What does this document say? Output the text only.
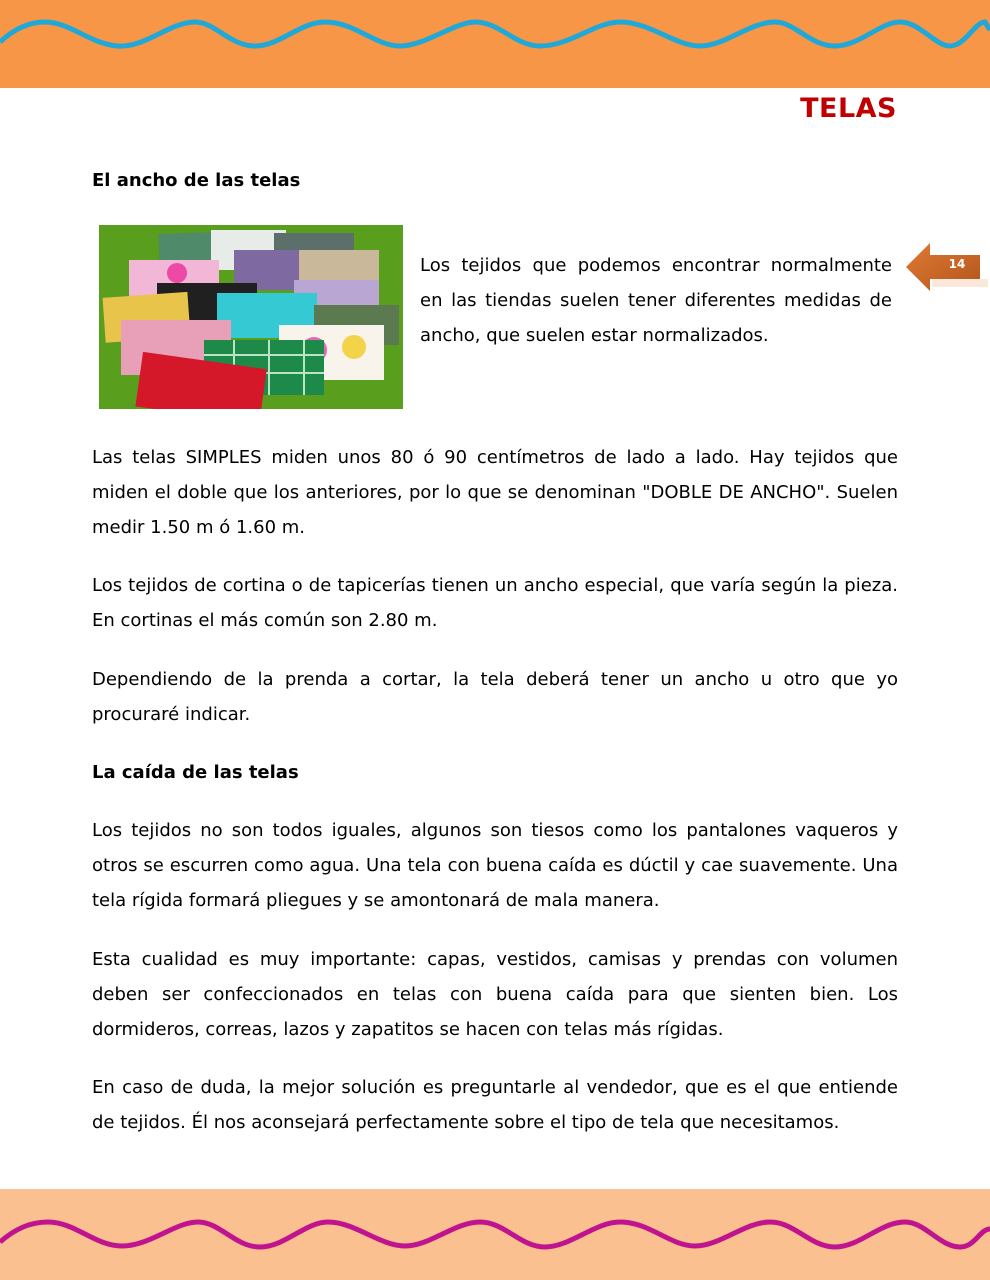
TELAS
El ancho de las telas
Los tejidos que podemos encontrar normalmente en las tiendas suelen tener diferentes medidas de ancho, que suelen estar normalizados.
14
Las telas SIMPLES miden unos 80 ó 90 centímetros de lado a lado. Hay tejidos que miden el doble que los anteriores, por lo que se denominan "DOBLE DE ANCHO". Suelen medir 1.50 m ó 1.60 m.
Los tejidos de cortina o de tapicerías tienen un ancho especial, que varía según la pieza. En cortinas el más común son 2.80 m.
Dependiendo de la prenda a cortar, la tela deberá tener un ancho u otro que yo procuraré indicar.
La caída de las telas
Los tejidos no son todos iguales, algunos son tiesos como los pantalones vaqueros y otros se escurren como agua. Una tela con buena caída es dúctil y cae suavemente. Una tela rígida formará pliegues y se amontonará de mala manera.
Esta cualidad es muy importante: capas, vestidos, camisas y prendas con volumen deben ser confeccionados en telas con buena caída para que sienten bien. Los dormideros, correas, lazos y zapatitos se hacen con telas más rígidas.
En caso de duda, la mejor solución es preguntarle al vendedor, que es el que entiende de tejidos. Él nos aconsejará perfectamente sobre el tipo de tela que necesitamos.
